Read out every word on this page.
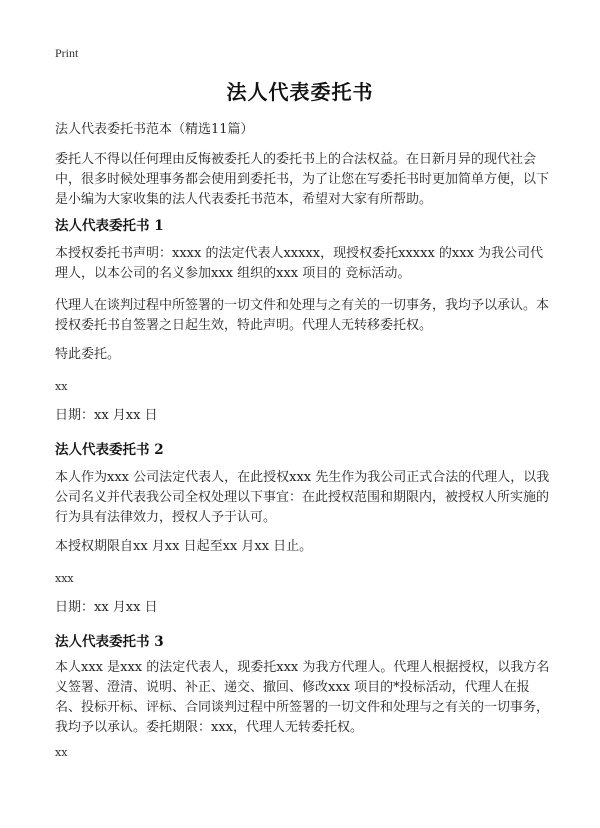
Print
法人代表委托书
法人代表委托书范本（精选11篇）
委托人不得以任何理由反悔被委托人的委托书上的合法权益。在日新月异的现代社会中，很多时候处理事务都会使用到委托书，为了让您在写委托书时更加简单方便，以下是小编为大家收集的法人代表委托书范本，希望对大家有所帮助。
法人代表委托书 1
本授权委托书声明：xxxx 的法定代表人xxxxx，现授权委托xxxxx 的xxx 为我公司代理人，以本公司的名义参加xxx 组织的xxx 项目的 竞标活动。
代理人在谈判过程中所签署的一切文件和处理与之有关的一切事务，我均予以承认。本授权委托书自签署之日起生效，特此声明。代理人无转移委托权。
特此委托。
xx
日期：xx 月xx 日
法人代表委托书 2
本人作为xxx 公司法定代表人，在此授权xxx 先生作为我公司正式合法的代理人，以我公司名义并代表我公司全权处理以下事宜：在此授权范围和期限内，被授权人所实施的行为具有法律效力，授权人予于认可。
本授权期限自xx 月xx 日起至xx 月xx 日止。
xxx
日期：xx 月xx 日
法人代表委托书 3
本人xxx 是xxx 的法定代表人，现委托xxx 为我方代理人。代理人根据授权，以我方名义签署、澄清、说明、补正、递交、撤回、修改xxx 项目的*投标活动，代理人在报名、投标开标、评标、合同谈判过程中所签署的一切文件和处理与之有关的一切事务，我均予以承认。委托期限：xxx，代理人无转委托权。
xx
